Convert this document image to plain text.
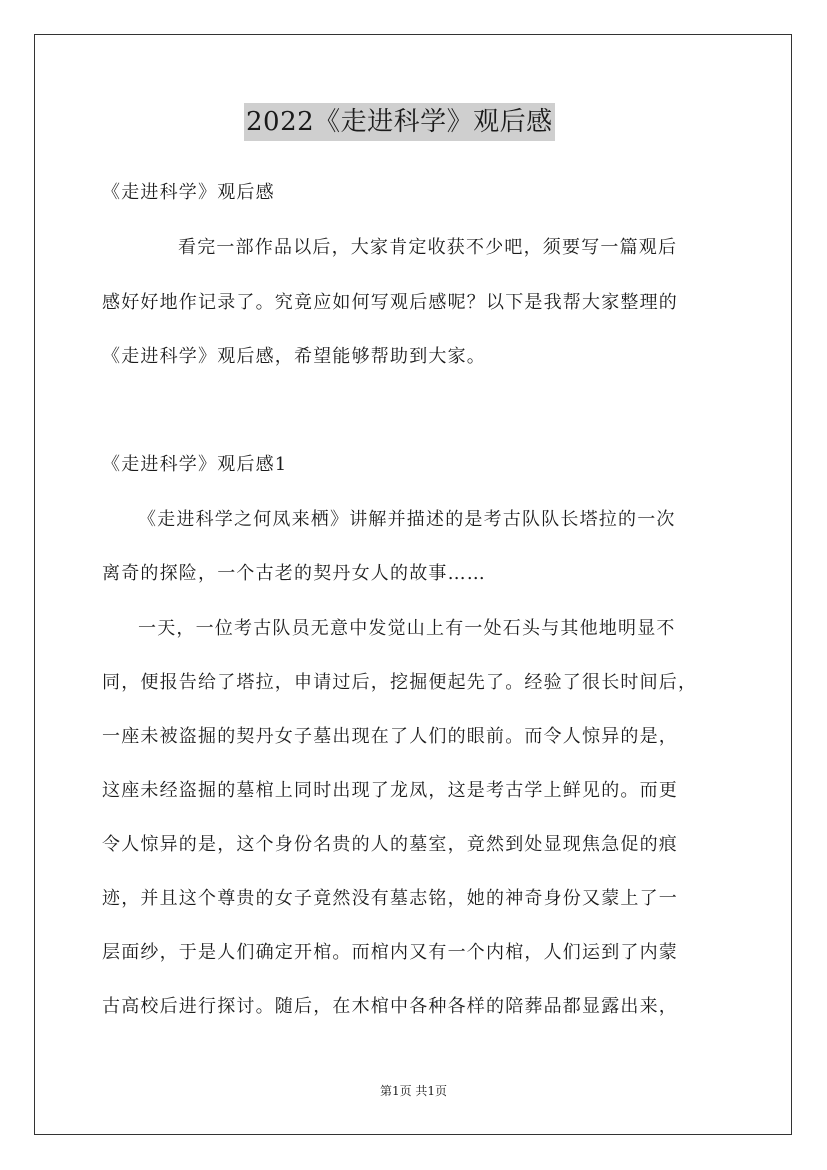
2022《走进科学》观后感
《走进科学》观后感
看完一部作品以后，大家肯定收获不少吧，须要写一篇观后
感好好地作记录了。究竟应如何写观后感呢？以下是我帮大家整理的
《走进科学》观后感，希望能够帮助到大家。
《走进科学》观后感1
《走进科学之何凤来栖》讲解并描述的是考古队队长塔拉的一次
离奇的探险，一个古老的契丹女人的故事……
一天，一位考古队员无意中发觉山上有一处石头与其他地明显不
同，便报告给了塔拉，申请过后，挖掘便起先了。经验了很长时间后，
一座未被盗掘的契丹女子墓出现在了人们的眼前。而令人惊异的是，
这座未经盗掘的墓棺上同时出现了龙凤，这是考古学上鲜见的。而更
令人惊异的是，这个身份名贵的人的墓室，竟然到处显现焦急促的痕
迹，并且这个尊贵的女子竟然没有墓志铭，她的神奇身份又蒙上了一
层面纱，于是人们确定开棺。而棺内又有一个内棺，人们运到了内蒙
古高校后进行探讨。随后，在木棺中各种各样的陪葬品都显露出来，
第1页 共1页
